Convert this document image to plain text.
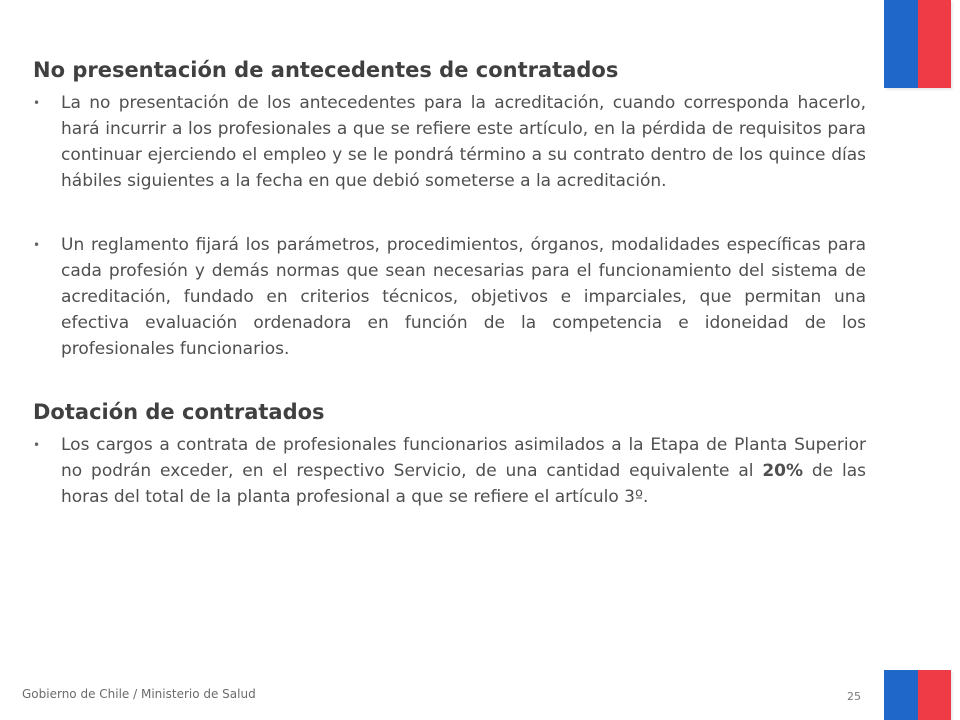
No presentación de antecedentes de contratados
• La no presentación de los antecedentes para la acreditación, cuando corresponda hacerlo, hará incurrir a los profesionales a que se refiere este artículo, en la pérdida de requisitos para continuar ejerciendo el empleo y se le pondrá término a su contrato dentro de los quince días hábiles siguientes a la fecha en que debió someterse a la acreditación.
• Un reglamento fijará los parámetros, procedimientos, órganos, modalidades específicas para cada profesión y demás normas que sean necesarias para el funcionamiento del sistema de acreditación, fundado en criterios técnicos, objetivos e imparciales, que permitan una efectiva evaluación ordenadora en función de la competencia e idoneidad de los profesionales funcionarios.
Dotación de contratados
• Los cargos a contrata de profesionales funcionarios asimilados a la Etapa de Planta Superior no podrán exceder, en el respectivo Servicio, de una cantidad equivalente al 20% de las horas del total de la planta profesional a que se refiere el artículo 3º.
Gobierno de Chile / Ministerio de Salud	25
